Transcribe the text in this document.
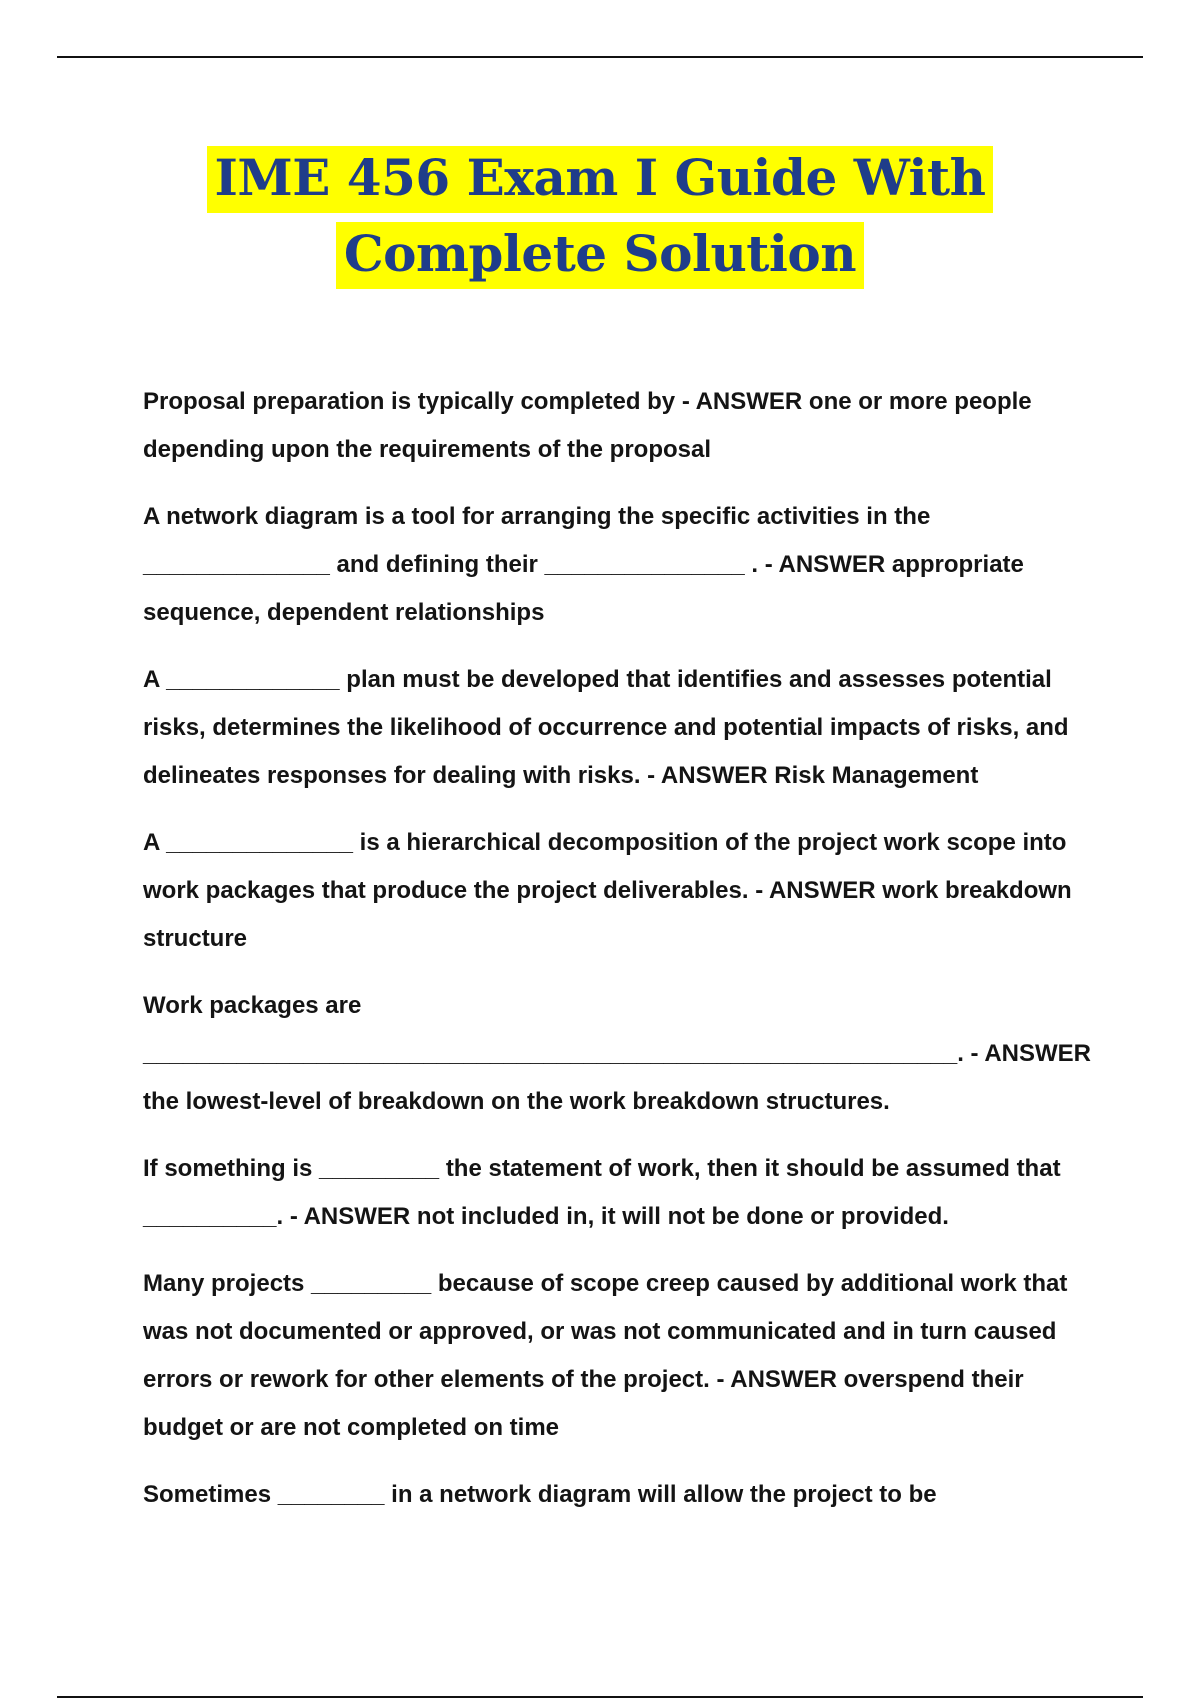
IME 456 Exam I Guide With
Complete Solution

Proposal preparation is typically completed by - ANSWER one or more people depending upon the requirements of the proposal

A network diagram is a tool for arranging the specific activities in the ______________ and defining their _______________ . - ANSWER appropriate sequence, dependent relationships

A _____________ plan must be developed that identifies and assesses potential risks, determines the likelihood of occurrence and potential impacts of risks, and delineates responses for dealing with risks. - ANSWER Risk Management

A ______________ is a hierarchical decomposition of the project work scope into work packages that produce the project deliverables. - ANSWER work breakdown structure

Work packages are _____________________________________________________________. - ANSWER the lowest-level of breakdown on the work breakdown structures.

If something is _________ the statement of work, then it should be assumed that __________. - ANSWER not included in, it will not be done or provided.

Many projects _________ because of scope creep caused by additional work that was not documented or approved, or was not communicated and in turn caused errors or rework for other elements of the project. - ANSWER overspend their budget or are not completed on time

Sometimes ________ in a network diagram will allow the project to be
